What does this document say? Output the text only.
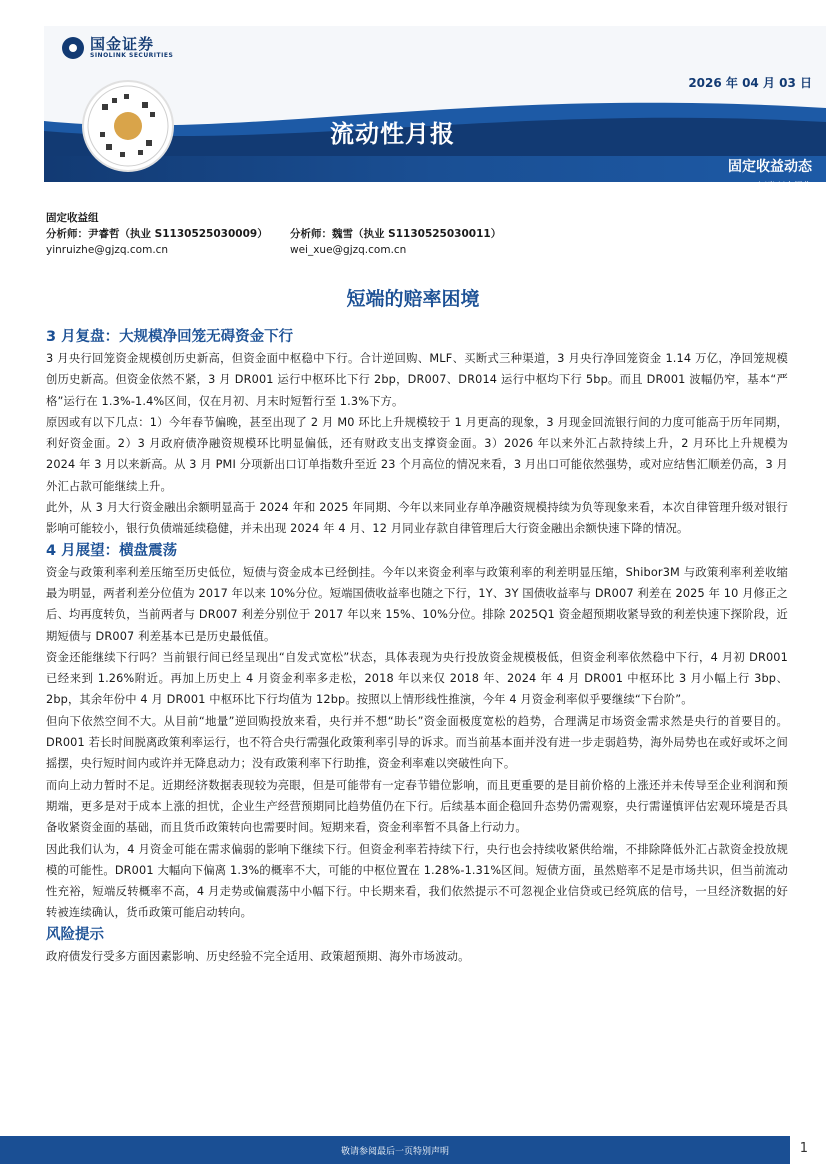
2026 年 04 月 03 日
流动性月报
固定收益动态
证券研究报告
国金证券
SINOLINK SECURITIES
固定收益组
分析师：尹睿哲（执业 S1130525030009）	分析师：魏雪（执业 S1130525030011）
yinruizhe@gjzq.com.cn	wei_xue@gjzq.com.cn
短端的赔率困境
3 月复盘：大规模净回笼无碍资金下行

3 月央行回笼资金规模创历史新高，但资金面中枢稳中下行。合计逆回购、MLF、买断式三种渠道，3 月央行净回笼资金 1.14 万亿，净回笼规模创历史新高。但资金依然不紧，3 月 DR001 运行中枢环比下行 2bp，DR007、DR014 运行中枢均下行 5bp。而且 DR001 波幅仍窄，基本“严格”运行在 1.3%-1.4%区间，仅在月初、月末时短暂行至 1.3%下方。

原因或有以下几点：1）今年春节偏晚，甚至出现了 2 月 M0 环比上升规模较于 1 月更高的现象，3 月现金回流银行间的力度可能高于历年同期，利好资金面。2）3 月政府债净融资规模环比明显偏低，还有财政支出支撑资金面。3）2026 年以来外汇占款持续上升，2 月环比上升规模为 2024 年 3 月以来新高。从 3 月 PMI 分项新出口订单指数升至近 23 个月高位的情况来看，3 月出口可能依然强势，或对应结售汇顺差仍高，3 月外汇占款可能继续上升。

此外，从 3 月大行资金融出余额明显高于 2024 年和 2025 年同期、今年以来同业存单净融资规模持续为负等现象来看，本次自律管理升级对银行影响可能较小，银行负债端延续稳健，并未出现 2024 年 4 月、12 月同业存款自律管理后大行资金融出余额快速下降的情况。

4 月展望：横盘震荡

资金与政策利率利差压缩至历史低位，短债与资金成本已经倒挂。今年以来资金利率与政策利率的利差明显压缩，Shibor3M 与政策利率利差收缩最为明显，两者利差分位值为 2017 年以来 10%分位。短端国债收益率也随之下行，1Y、3Y 国债收益率与 DR007 利差在 2025 年 10 月修正之后、均再度转负，当前两者与 DR007 利差分别位于 2017 年以来 15%、10%分位。排除 2025Q1 资金超预期收紧导致的利差快速下探阶段，近期短债与 DR007 利差基本已是历史最低值。

资金还能继续下行吗？当前银行间已经呈现出“自发式宽松”状态，具体表现为央行投放资金规模极低，但资金利率依然稳中下行，4 月初 DR001 已经来到 1.26%附近。再加上历史上 4 月资金利率多走松，2018 年以来仅 2018 年、2024 年 4 月 DR001 中枢环比 3 月小幅上行 3bp、2bp，其余年份中 4 月 DR001 中枢环比下行均值为 12bp。按照以上情形线性推演，今年 4 月资金利率似乎要继续“下台阶”。

但向下依然空间不大。从目前“地量”逆回购投放来看，央行并不想“助长”资金面极度宽松的趋势，合理满足市场资金需求然是央行的首要目的。DR001 若长时间脱离政策利率运行，也不符合央行需强化政策利率引导的诉求。而当前基本面并没有进一步走弱趋势，海外局势也在或好或坏之间摇摆，央行短时间内或许并无降息动力；没有政策利率下行助推，资金利率难以突破性向下。

而向上动力暂时不足。近期经济数据表现较为亮眼，但是可能带有一定春节错位影响，而且更重要的是目前价格的上涨还并未传导至企业利润和预期端，更多是对于成本上涨的担忧，企业生产经营预期同比趋势值仍在下行。后续基本面企稳回升态势仍需观察，央行需谨慎评估宏观环境是否具备收紧资金面的基础，而且货币政策转向也需要时间。短期来看，资金利率暂不具备上行动力。

因此我们认为，4 月资金可能在需求偏弱的影响下继续下行。但资金利率若持续下行，央行也会持续收紧供给端，不排除降低外汇占款资金投放规模的可能性。DR001 大幅向下偏离 1.3%的概率不大，可能的中枢位置在 1.28%-1.31%区间。短债方面，虽然赔率不足是市场共识，但当前流动性充裕，短端反转概率不高，4 月走势或偏震荡中小幅下行。中长期来看，我们依然提示不可忽视企业信贷或已经筑底的信号，一旦经济数据的好转被连续确认，货币政策可能启动转向。

风险提示

政府债发行受多方面因素影响、历史经验不完全适用、政策超预期、海外市场波动。

敬请参阅最后一页特别声明	1
